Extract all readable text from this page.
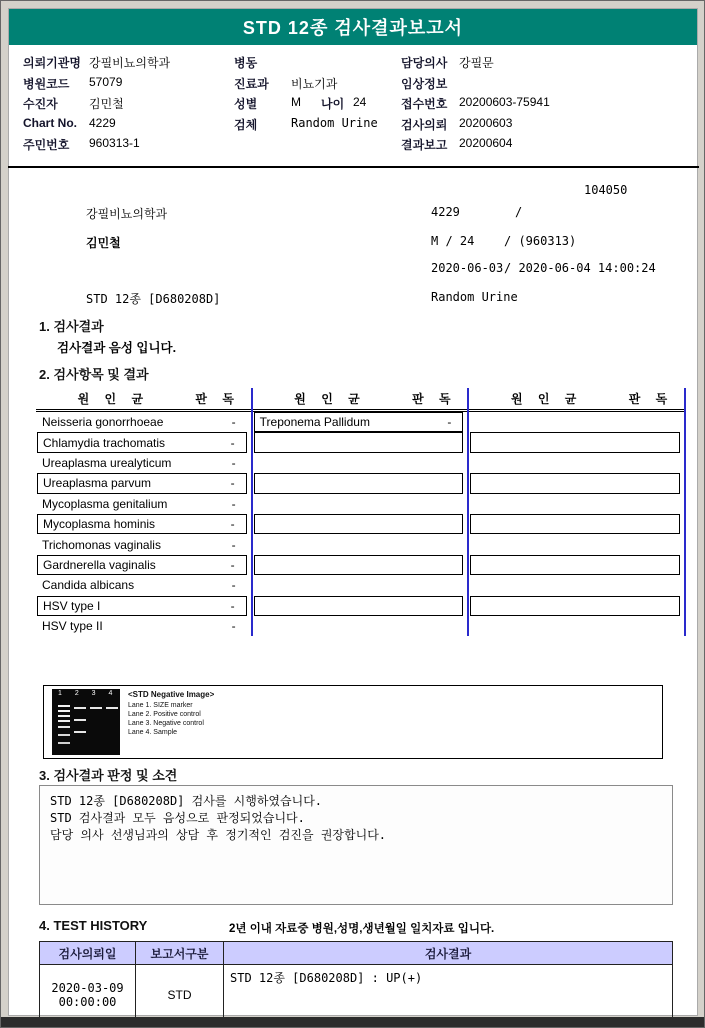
STD 12종 검사결과보고서
의뢰기관명 강필비뇨의학과
병원코드 57079
수진자	김민철
Chart No. 4229
주민번호 960313-1
병동
진료과 비뇨기과
성별	M 나이 24
검체	Random Urine
담당의사 강필문
임상정보
접수번호 20200603-75941
검사의뢰 20200603
결과보고 20200604
104050
강필비뇨의학과	4229	/
김민철	M / 24 / (960313)
2020-06-03 / 2020-06-04 14:00:24
STD 12종 [D680208D]	Random Urine
1. 검사결과
검사결과 음성 입니다.
2. 검사항목 및 결과
원 인 균	판 독
Neisseria gonorrhoeae	-
Chlamydia trachomatis	-
Ureaplasma urealyticum	-
Ureaplasma parvum	-
Mycoplasma genitalium	-
Mycoplasma hominis	-
Trichomonas vaginalis	-
Gardnerella vaginalis	-
Candida albicans	-
HSV type I	-
HSV type II	-
원 인 균	판 독
Treponema Pallidum	-
원 인 균	판 독
1 2 3 4 <STD Negative Image>
Lane 1. SIZE marker
Lane 2. Positive control
Lane 3. Negative control
Lane 4. Sample
3. 검사결과 판정 및 소견
STD 12종 [D680208D] 검사를 시행하였습니다.
STD 검사결과 모두 음성으로 판정되었습니다.
담당 의사 선생님과의 상담 후 정기적인 검진을 권장합니다.
4. TEST HISTORY	2년 이내 자료중 병원,성명,생년월일 일치자료 입니다.
검사의뢰일	보고서구분	검사결과
2020-03-09 00:00:00	STD	STD 12종 [D680208D] : UP(+)
